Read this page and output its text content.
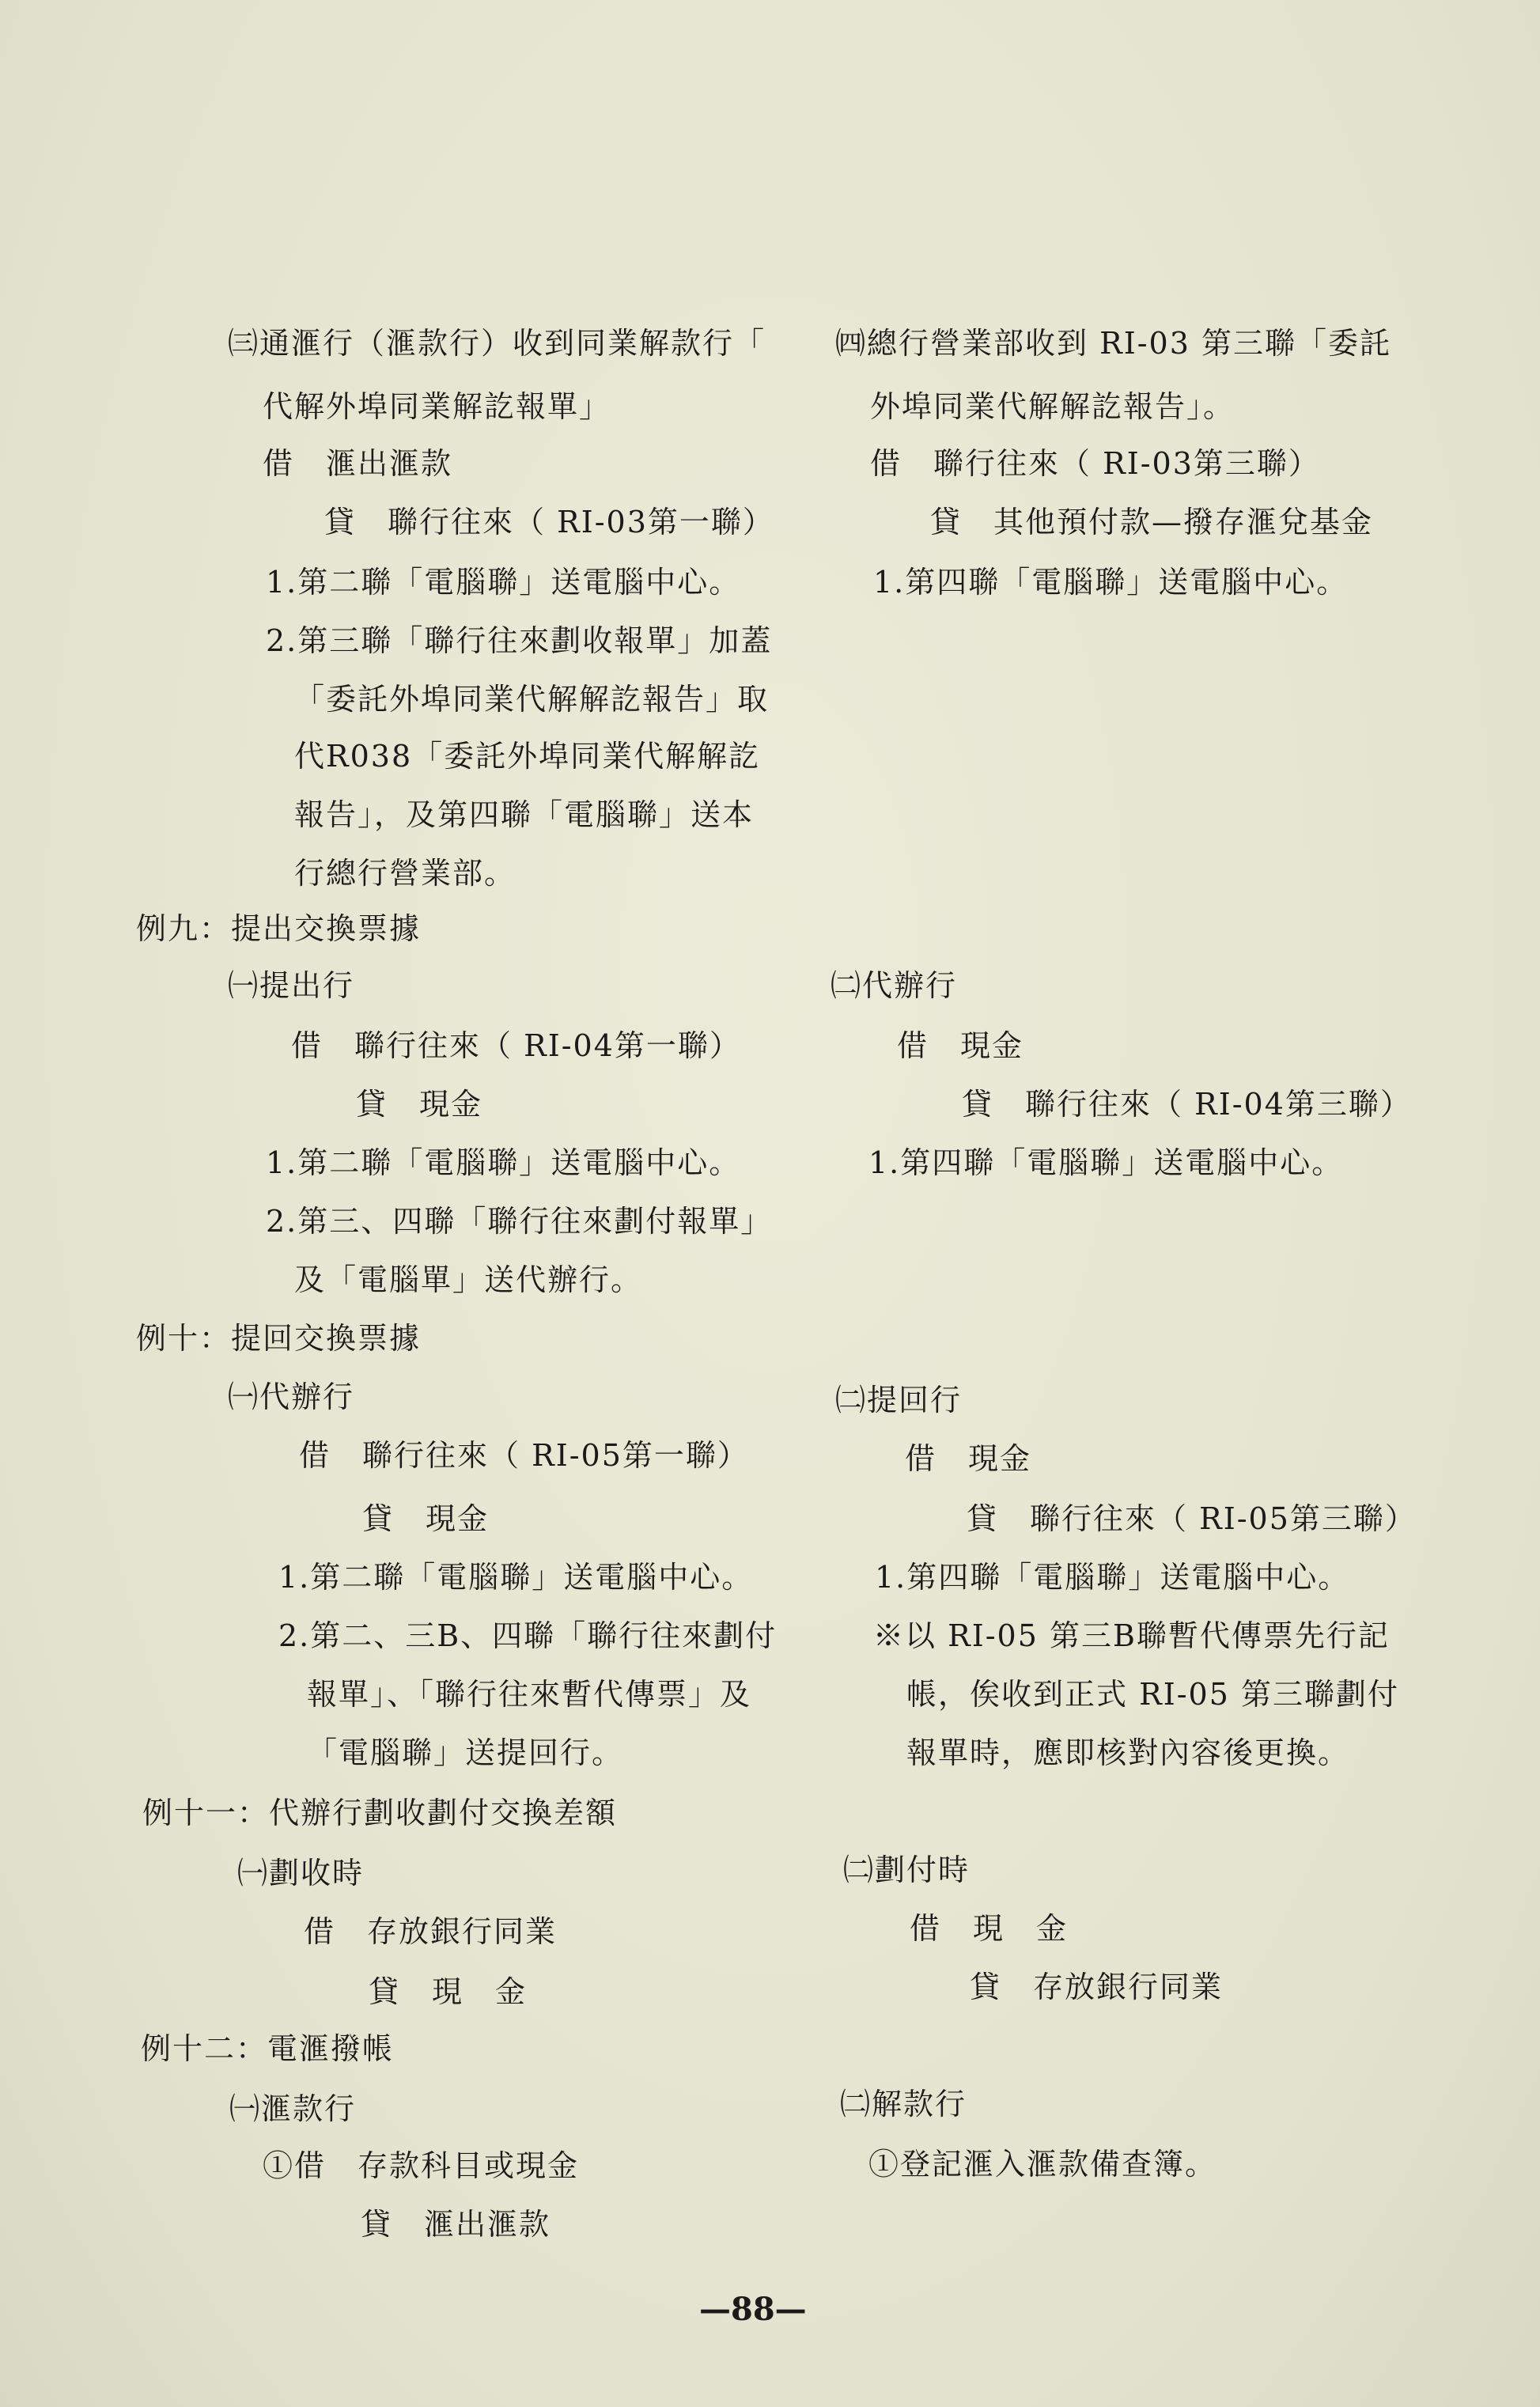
㈢通滙行（滙款行）收到同業解款行「
代解外埠同業解訖報單」
借　滙出滙款
貸　聯行往來（ RI-03第一聯）
1.第二聯「電腦聯」送電腦中心。
2.第三聯「聯行往來劃收報單」加蓋
「委託外埠同業代解解訖報告」取
代R038「委託外埠同業代解解訖
報告」，及第四聯「電腦聯」送本
行總行營業部。
例九：提出交換票據
㈠提出行
借　聯行往來（ RI-04第一聯）
貸　現金
1.第二聯「電腦聯」送電腦中心。
2.第三、四聯「聯行往來劃付報單」
及「電腦單」送代辦行。
例十：提回交換票據
㈠代辦行
借　聯行往來（ RI-05第一聯）
貸　現金
1.第二聯「電腦聯」送電腦中心。
2.第二、三B、四聯「聯行往來劃付
報單」、「聯行往來暫代傳票」及
「電腦聯」送提回行。
例十一：代辦行劃收劃付交換差額
㈠劃收時
借　存放銀行同業
貸　現　金
例十二：電滙撥帳
㈠滙款行
①借　存款科目或現金
貸　滙出滙款
㈣總行營業部收到 RI-03 第三聯「委託
外埠同業代解解訖報告」。
借　聯行往來（ RI-03第三聯）
貸　其他預付款—撥存滙兌基金
1.第四聯「電腦聯」送電腦中心。
㈡代辦行
借　現金
貸　聯行往來（ RI-04第三聯）
1.第四聯「電腦聯」送電腦中心。
㈡提回行
借　現金
貸　聯行往來（ RI-05第三聯）
1.第四聯「電腦聯」送電腦中心。
※以 RI-05 第三B聯暫代傳票先行記
帳，俟收到正式 RI-05 第三聯劃付
報單時，應即核對內容後更換。
㈡劃付時
借　現　金
貸　存放銀行同業
㈡解款行
①登記滙入滙款備查簿。
—88—
